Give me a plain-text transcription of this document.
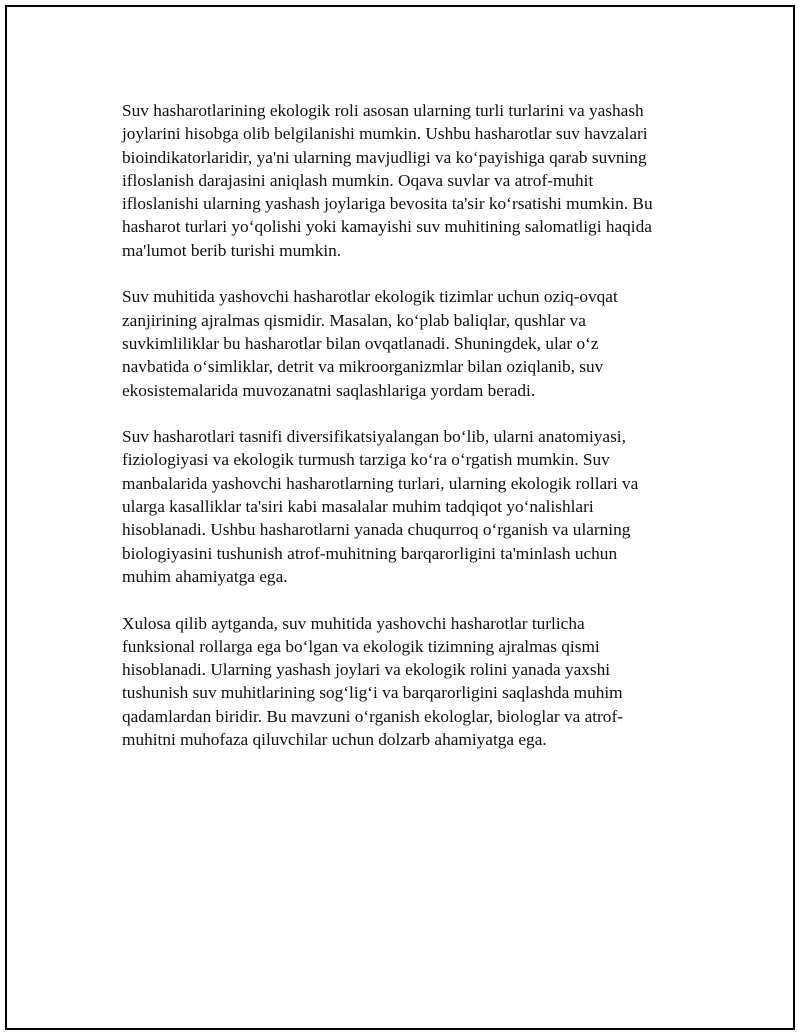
Suv hasharotlarining ekologik roli asosan ularning turli turlarini va yashash
joylarini hisobga olib belgilanishi mumkin. Ushbu hasharotlar suv havzalari
bioindikatorlaridir, ya'ni ularning mavjudligi va koʻpayishiga qarab suvning
ifloslanish darajasini aniqlash mumkin. Oqava suvlar va atrof-muhit
ifloslanishi ularning yashash joylariga bevosita ta'sir koʻrsatishi mumkin. Bu
hasharot turlari yoʻqolishi yoki kamayishi suv muhitining salomatligi haqida
ma'lumot berib turishi mumkin.

Suv muhitida yashovchi hasharotlar ekologik tizimlar uchun oziq-ovqat
zanjirining ajralmas qismidir. Masalan, koʻplab baliqlar, qushlar va
suvkimliliklar bu hasharotlar bilan ovqatlanadi. Shuningdek, ular oʻz
navbatida oʻsimliklar, detrit va mikroorganizmlar bilan oziqlanib, suv
ekosistemalarida muvozanatni saqlashlariga yordam beradi.

Suv hasharotlari tasnifi diversifikatsiyalangan boʻlib, ularni anatomiyasi,
fiziologiyasi va ekologik turmush tarziga koʻra oʻrgatish mumkin. Suv
manbalarida yashovchi hasharotlarning turlari, ularning ekologik rollari va
ularga kasalliklar ta'siri kabi masalalar muhim tadqiqot yoʻnalishlari
hisoblanadi. Ushbu hasharotlarni yanada chuqurroq oʻrganish va ularning
biologiyasini tushunish atrof-muhitning barqarorligini ta'minlash uchun
muhim ahamiyatga ega.

Xulosa qilib aytganda, suv muhitida yashovchi hasharotlar turlicha
funksional rollarga ega boʻlgan va ekologik tizimning ajralmas qismi
hisoblanadi. Ularning yashash joylari va ekologik rolini yanada yaxshi
tushunish suv muhitlarining sogʻligʻi va barqarorligini saqlashda muhim
qadamlardan biridir. Bu mavzuni oʻrganish ekologlar, biologlar va atrof-
muhitni muhofaza qiluvchilar uchun dolzarb ahamiyatga ega.
